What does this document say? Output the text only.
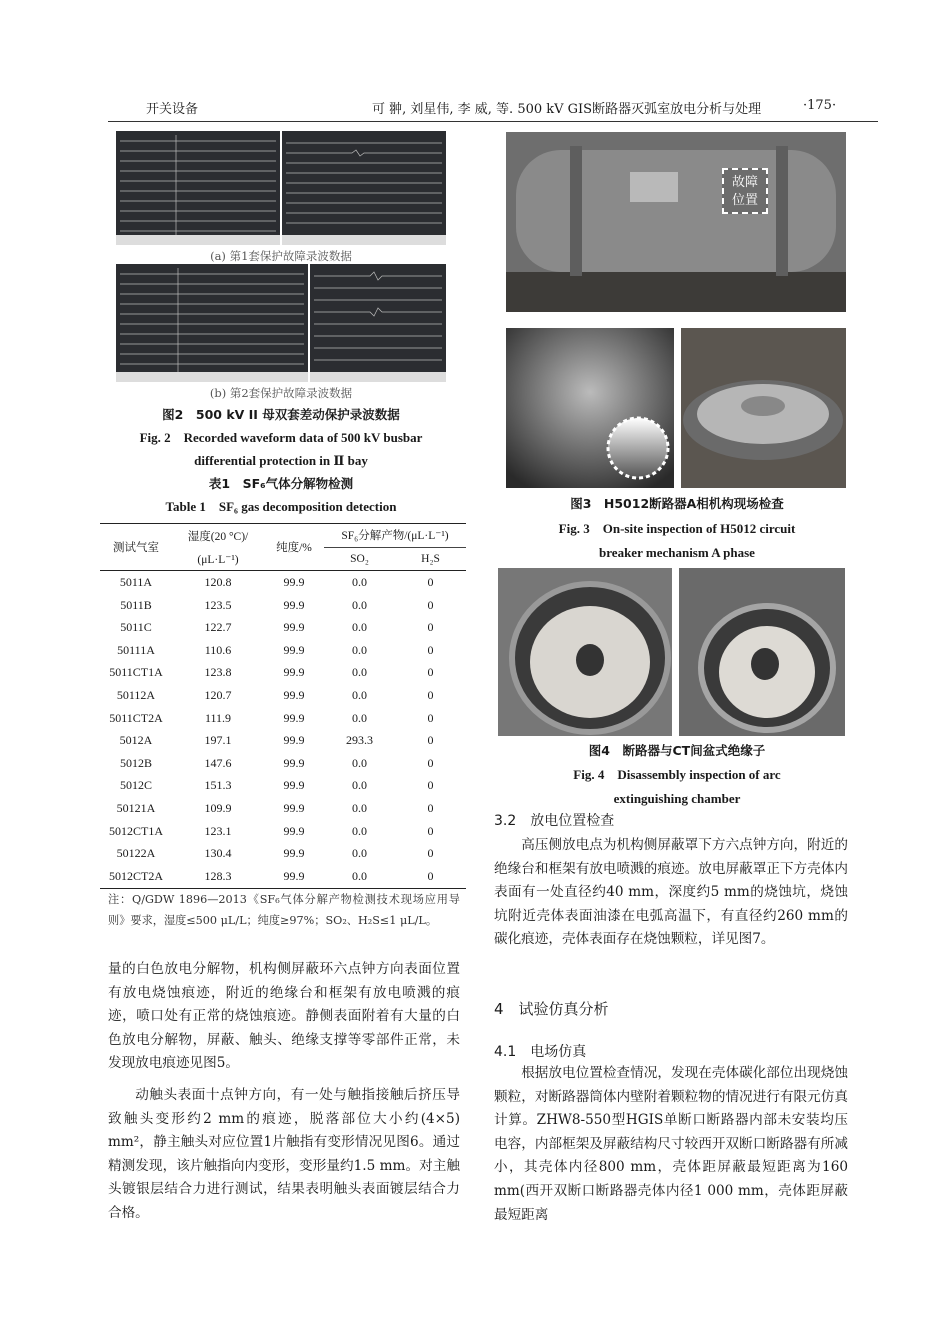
开关设备	可 翀, 刘星伟, 李 威, 等. 500 kV GIS断路器灭弧室放电分析与处理	·175·
(a) 第1套保护故障录波数据
(b) 第2套保护故障录波数据
图2　500 kV II 母双套差动保护录波数据
Fig. 2　Recorded waveform data of 500 kV busbar
differential protection in Ⅱ bay
表1　SF₆气体分解物检测
Table 1　SF₆ gas decomposition detection
测试气室	湿度(20 °C)/	纯度/%	SF₆分解产物/(μL·L⁻¹)	
	(μL·L⁻¹)		SO₂	H₂S
5011A	120.8	99.9	0.0	0
5011B	123.5	99.9	0.0	0
5011C	122.7	99.9	0.0	0
50111A	110.6	99.9	0.0	0
5011CT1A	123.8	99.9	0.0	0
50112A	120.7	99.9	0.0	0
5011CT2A	111.9	99.9	0.0	0
5012A	197.1	99.9	293.3	0
5012B	147.6	99.9	0.0	0
5012C	151.3	99.9	0.0	0
50121A	109.9	99.9	0.0	0
5012CT1A	123.1	99.9	0.0	0
50122A	130.4	99.9	0.0	0
5012CT2A	128.3	99.9	0.0	0
注：Q/GDW 1896—2013《SF₆气体分解产物检测技术现场应用导则》要求，湿度≤500 μL/L；纯度≥97%；SO₂、H₂S≤1 μL/L。
量的白色放电分解物，机构侧屏蔽环六点钟方向表面位置有放电烧蚀痕迹，附近的绝缘台和框架有放电喷溅的痕迹，喷口处有正常的烧蚀痕迹。静侧表面附着有大量的白色放电分解物，屏蔽、触头、绝缘支撑等零部件正常，未发现放电痕迹见图5。
动触头表面十点钟方向，有一处与触指接触后挤压导致触头变形约2 mm的痕迹，脱落部位大小约(4×5) mm²，静主触头对应位置1片触指有变形情况见图6。通过精测发现，该片触指向内变形，变形量约1.5 mm。对主触头镀银层结合力进行测试，结果表明触头表面镀层结合力合格。
故障
位置
图3　H5012断路器A相机构现场检查
Fig. 3　On-site inspection of H5012 circuit
breaker mechanism A phase
图4　断路器与CT间盆式绝缘子
Fig. 4　Disassembly inspection of arc
extinguishing chamber
3.2　放电位置检查
高压侧放电点为机构侧屏蔽罩下方六点钟方向，附近的绝缘台和框架有放电喷溅的痕迹。放电屏蔽罩正下方壳体内表面有一处直径约40 mm，深度约5 mm的烧蚀坑，烧蚀坑附近壳体表面油漆在电弧高温下，有直径约260 mm的碳化痕迹，壳体表面存在烧蚀颗粒，详见图7。
4　试验仿真分析
4.1　电场仿真
根据放电位置检查情况，发现在壳体碳化部位出现烧蚀颗粒，对断路器筒体内壁附着颗粒物的情况进行有限元仿真计算。ZHW8-550型HGIS单断口断路器内部未安装均压电容，内部框架及屏蔽结构尺寸较西开双断口断路器有所减小，其壳体内径800 mm，壳体距屏蔽最短距离为160 mm(西开双断口断路器壳体内径1 000 mm，壳体距屏蔽最短距离
